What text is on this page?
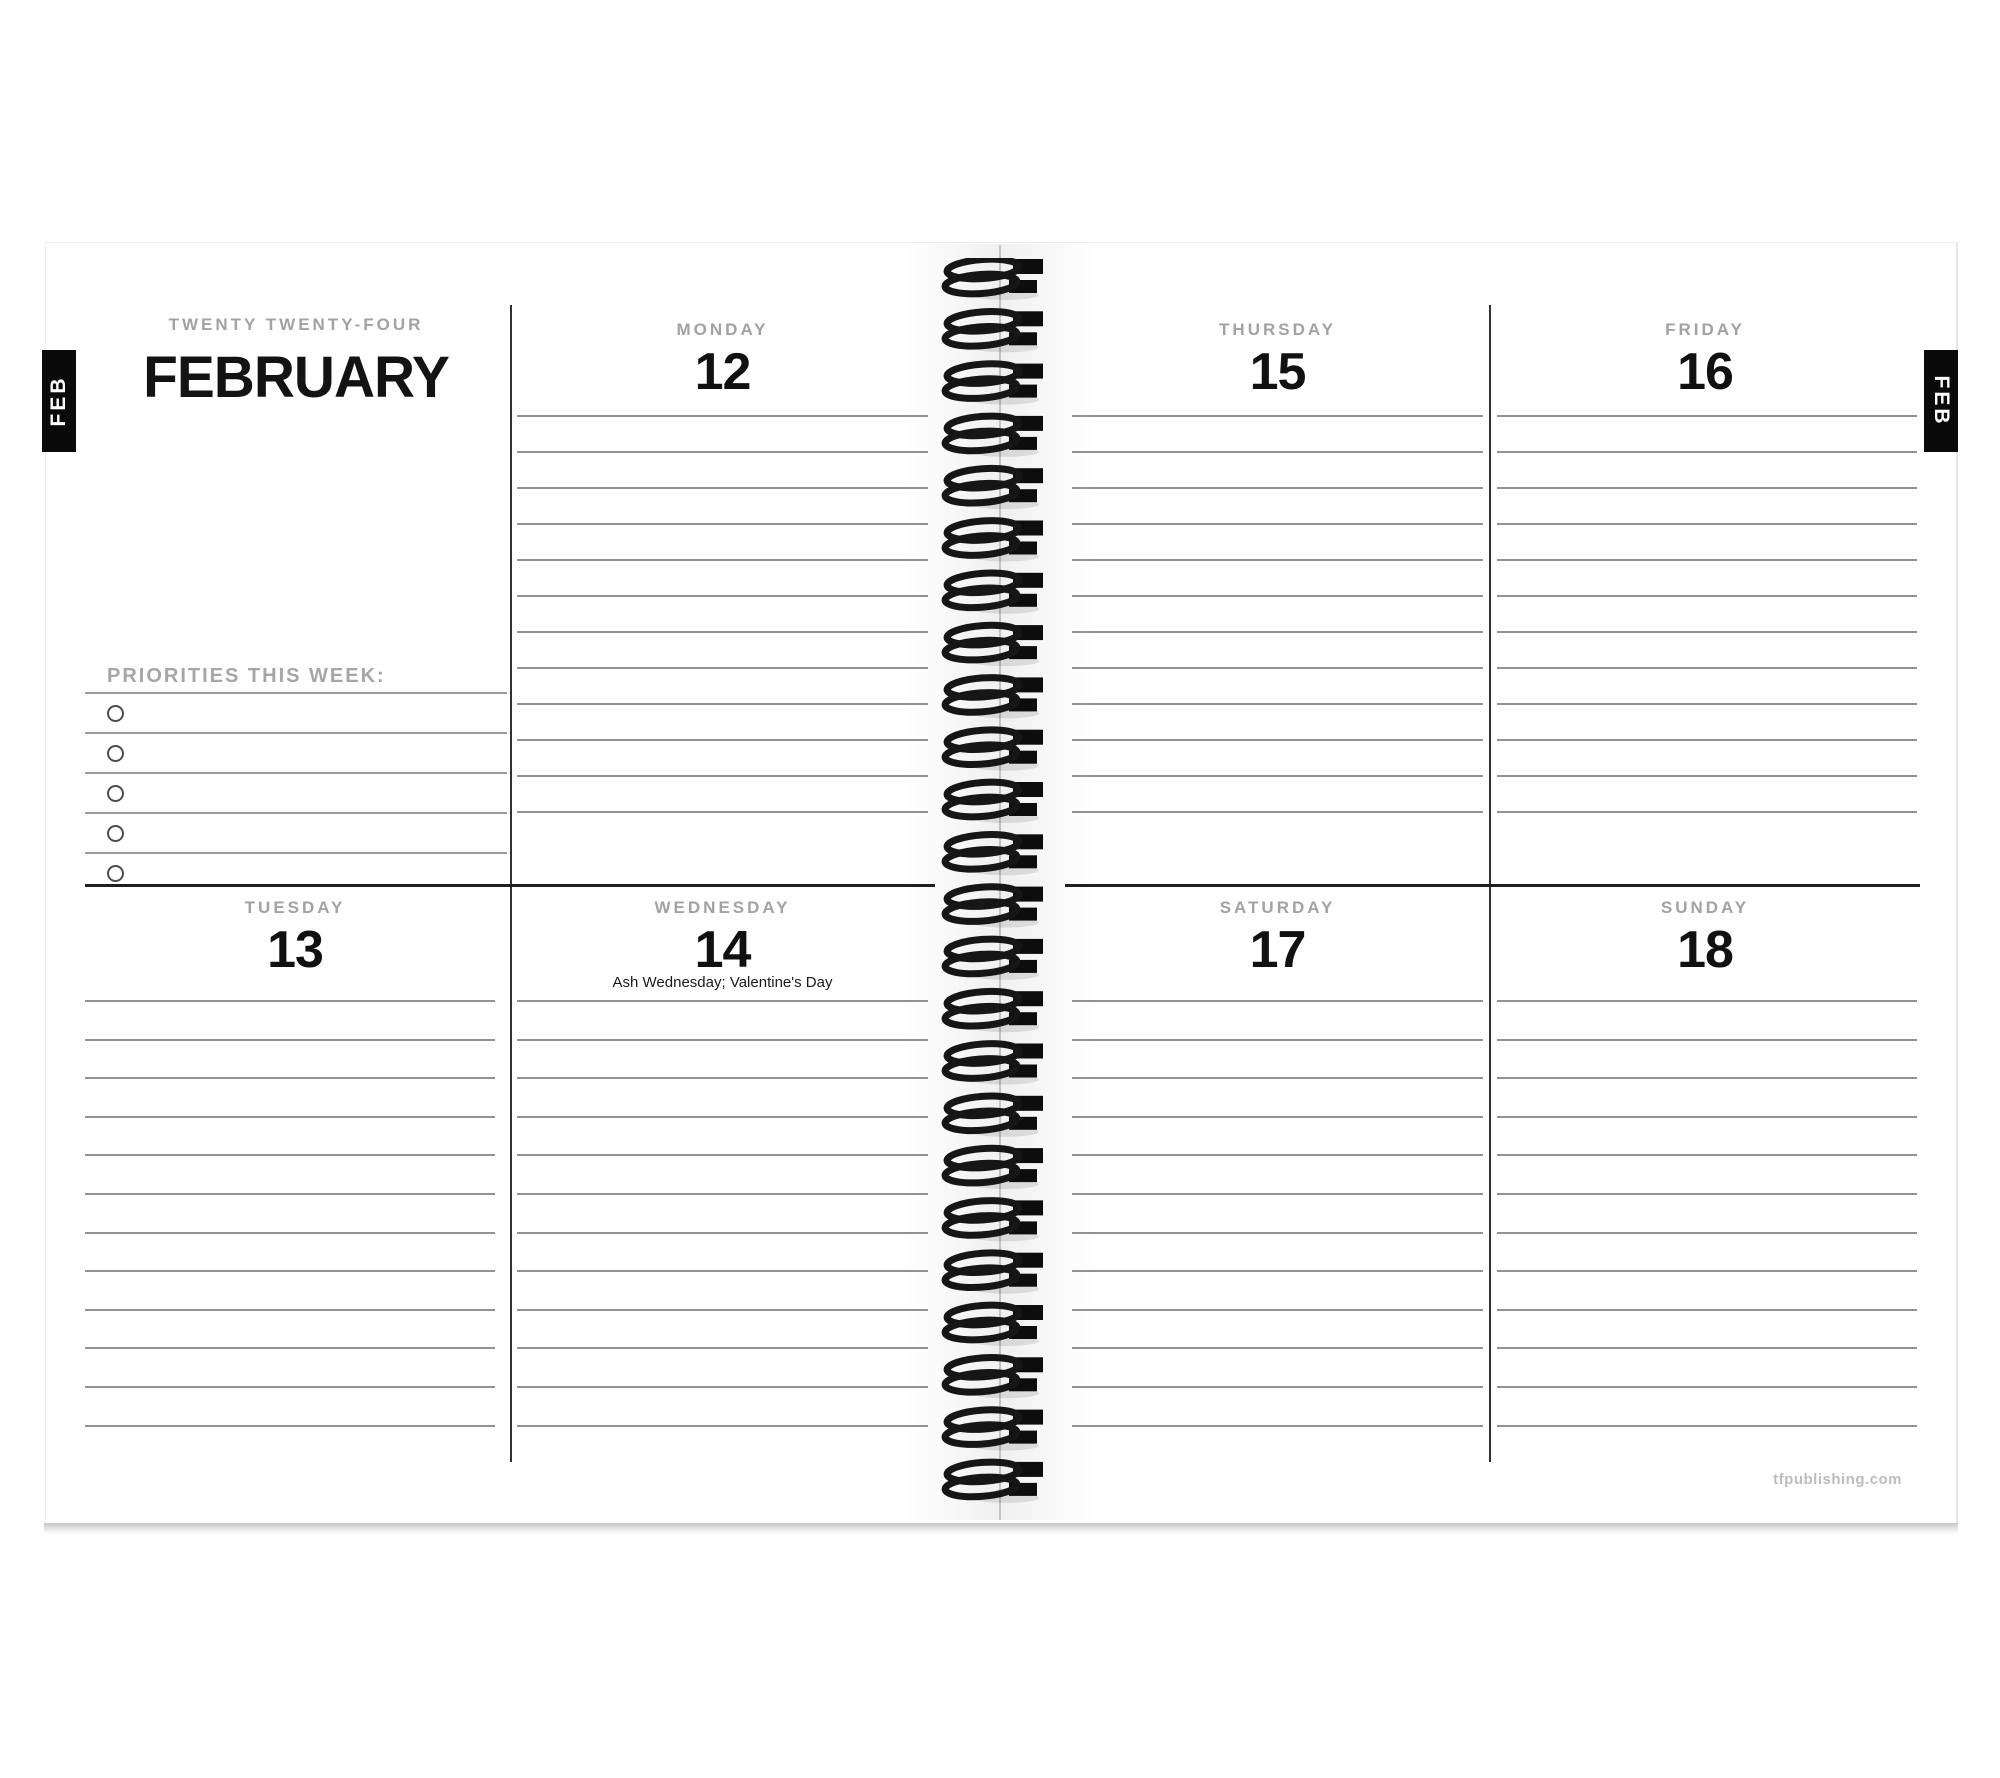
FEB	FEB
TWENTY TWENTY-FOUR
FEBRUARY
PRIORITIES THIS WEEK:
MONDAY
12
THURSDAY
15
FRIDAY
16
TUESDAY
13
WEDNESDAY
14
Ash Wednesday; Valentine's Day
SATURDAY
17
SUNDAY
18
tfpublishing.com
